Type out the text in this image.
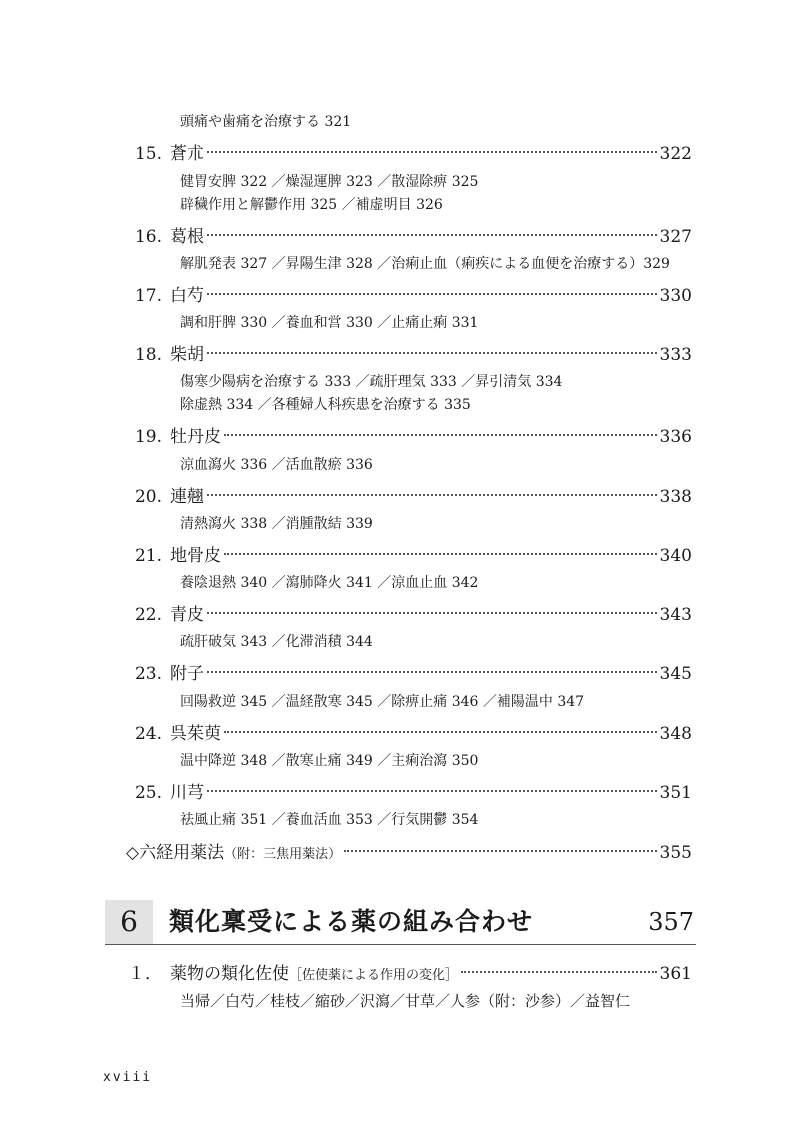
頭痛や歯痛を治療する 321
15. 蒼朮	322
健胃安脾 322 ／燥湿運脾 323 ／散湿除痹 325
辟穢作用と解鬱作用 325 ／補虚明目 326
16. 葛根	327
解肌発表 327 ／昇陽生津 328 ／治痢止血（痢疾による血便を治療する）329
17. 白芍	330
調和肝脾 330 ／養血和営 330 ／止痛止痢 331
18. 柴胡	333
傷寒少陽病を治療する 333 ／疏肝理気 333 ／昇引清気 334
除虚熱 334 ／各種婦人科疾患を治療する 335
19. 牡丹皮	336
涼血瀉火 336 ／活血散瘀 336
20. 連翹	338
清熱瀉火 338 ／消腫散結 339
21. 地骨皮	340
養陰退熱 340 ／瀉肺降火 341 ／涼血止血 342
22. 青皮	343
疏肝破気 343 ／化滞消積 344
23. 附子	345
回陽救逆 345 ／温経散寒 345 ／除痹止痛 346 ／補陽温中 347
24. 呉茱萸	348
温中降逆 348 ／散寒止痛 349 ／主痢治瀉 350
25. 川芎	351
祛風止痛 351 ／養血活血 353 ／行気開鬱 354
◇六経用薬法 （附：三焦用薬法）	355
6	類化稟受による薬の組み合わせ	357
１． 薬物の類化佐使 ［佐使薬による作用の変化］	361
当帰／白芍／桂枝／縮砂／沢瀉／甘草／人参（附：沙参）／益智仁
xviii
